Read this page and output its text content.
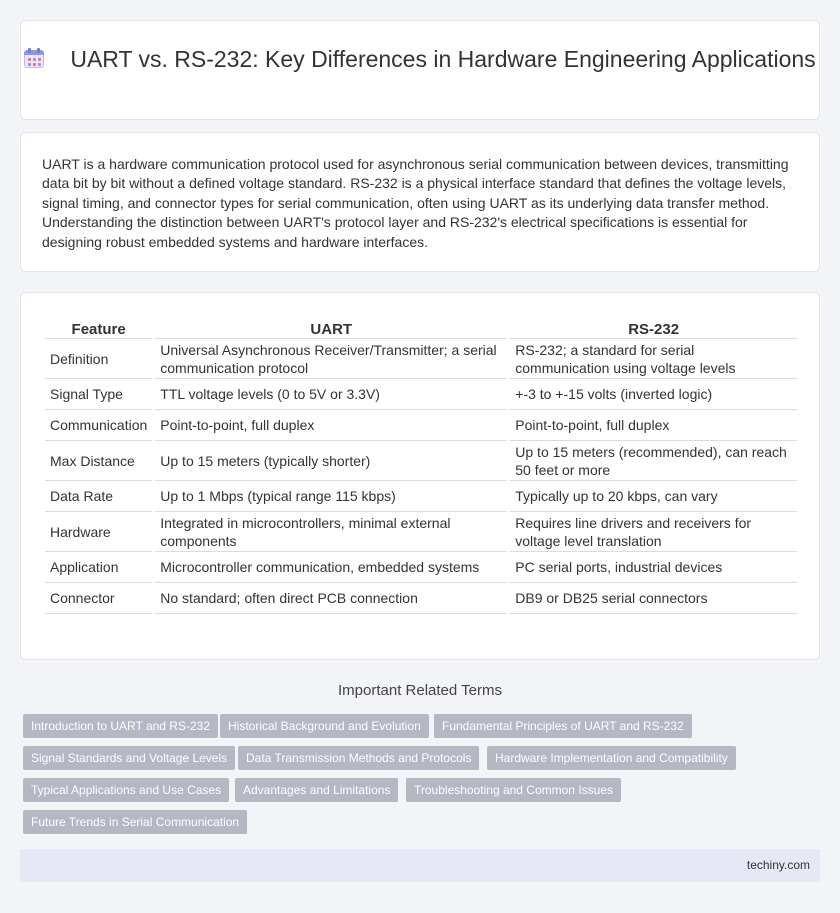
UART vs. RS-232: Key Differences in Hardware Engineering Applications

UART is a hardware communication protocol used for asynchronous serial communication between devices, transmitting data bit by bit without a defined voltage standard. RS-232 is a physical interface standard that defines the voltage levels, signal timing, and connector types for serial communication, often using UART as its underlying data transfer method. Understanding the distinction between UART's protocol layer and RS-232's electrical specifications is essential for designing robust embedded systems and hardware interfaces.

Feature	UART	RS-232
Definition	Universal Asynchronous Receiver/Transmitter; a serial communication protocol	RS-232; a standard for serial communication using voltage levels
Signal Type	TTL voltage levels (0 to 5V or 3.3V)	+-3 to +-15 volts (inverted logic)
Communication	Point-to-point, full duplex	Point-to-point, full duplex
Max Distance	Up to 15 meters (typically shorter)	Up to 15 meters (recommended), can reach 50 feet or more
Data Rate	Up to 1 Mbps (typical range 115 kbps)	Typically up to 20 kbps, can vary
Hardware	Integrated in microcontrollers, minimal external components	Requires line drivers and receivers for voltage level translation
Application	Microcontroller communication, embedded systems	PC serial ports, industrial devices
Connector	No standard; often direct PCB connection	DB9 or DB25 serial connectors
Important Related Terms
Introduction to UART and RS-232	Historical Background and Evolution	Fundamental Principles of UART and RS-232
Signal Standards and Voltage Levels	Data Transmission Methods and Protocols	Hardware Implementation and Compatibility
Typical Applications and Use Cases	Advantages and Limitations	Troubleshooting and Common Issues
Future Trends in Serial Communication
techiny.com
